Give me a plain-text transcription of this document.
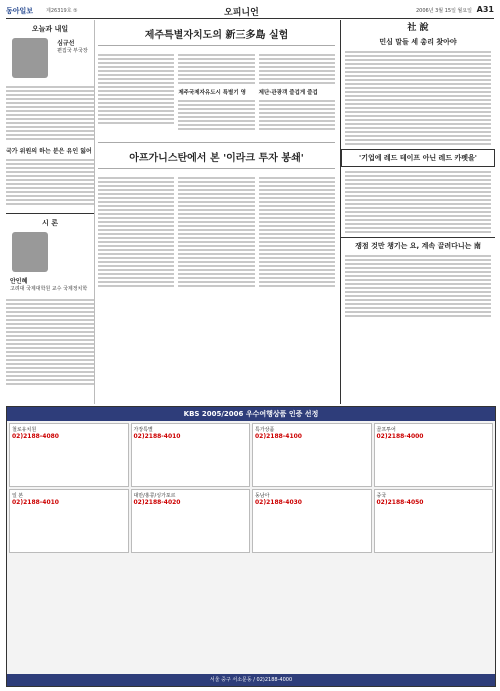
동아일보	제26319호 ⑤	오피니언	2006년 3월 15일 월요일 A31
오늘과 내일

심규선
편집국 부국장
국가 위원의 하는 분은 유인 잃어
시 론

안인혜
고려대 국제대학원 교수 국제정치학
제주특별자치도의 新三多島 실험
제주국제자유도시 특별기 영	제단·관광객 즐겁게 즐겁
아프가니스탄에서 본 '이라크 투자 봉쇄'
社 說
민심 말들 세 총리 찾아야
'기업에 레드 테이프 아닌 레드 카펫을'
쟁점 것만 챙기는 요, 계속 끌려다니는 南
KBS 2005/2006 우수여행상품 인증 선정
철로유치원
02)2188-4080
가장특별
02)2188-4010
특가상품
02)2188-4100
골프투어
02)2188-4000
일 본
02)2188-4010
대만/홍콩/싱가포르
02)2188-4020
동남아
02)2188-4030
중국
02)2188-4050
서울 중구 서소문동 / 02)2188-4000
